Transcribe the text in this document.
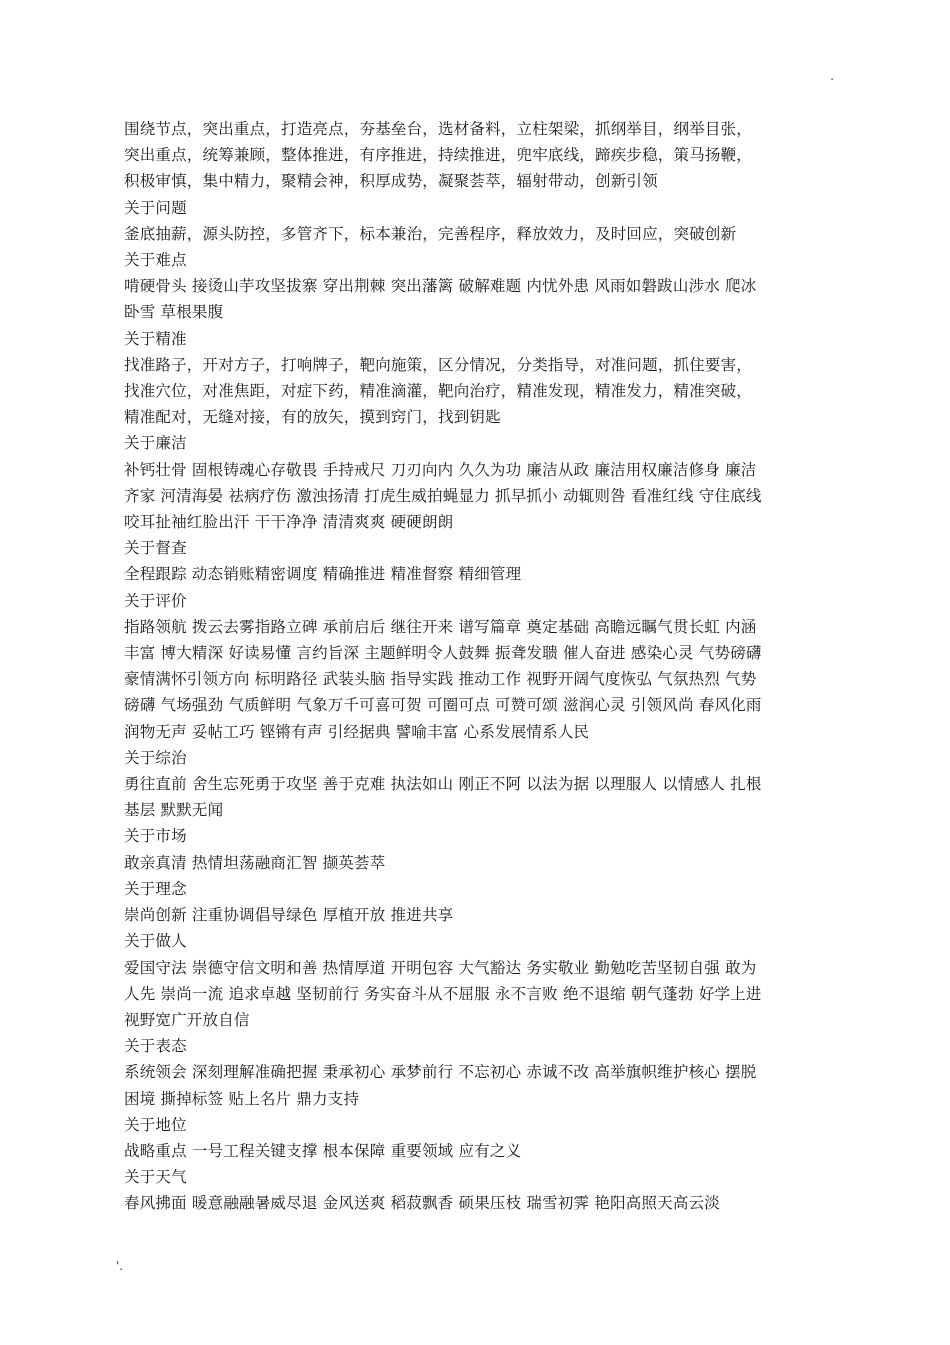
.
围绕节点，突出重点，打造亮点，夯基垒台，选材备料，立柱架梁，抓纲举目，纲举目张，
突出重点，统筹兼顾，整体推进，有序推进，持续推进，兜牢底线，蹄疾步稳，策马扬鞭，
积极审慎，集中精力，聚精会神，积厚成势，凝聚荟萃，辐射带动，创新引领
关于问题
釜底抽薪，源头防控，多管齐下，标本兼治，完善程序，释放效力，及时回应，突破创新
关于难点
啃硬骨头 接烫山芋攻坚拔寨 穿出荆棘 突出藩篱 破解难题 内忧外患 风雨如磐跋山涉水 爬冰
卧雪 草根果腹
关于精准
找准路子，开对方子，打响牌子，靶向施策，区分情况，分类指导，对准问题，抓住要害，
找准穴位，对准焦距，对症下药，精准滴灌，靶向治疗，精准发现，精准发力，精准突破，
精准配对，无缝对接，有的放矢，摸到窍门，找到钥匙
关于廉洁
补钙壮骨 固根铸魂心存敬畏 手持戒尺 刀刃向内 久久为功 廉洁从政 廉洁用权廉洁修身 廉洁
齐家 河清海晏 祛病疗伤 激浊扬清 打虎生威拍蝇显力 抓早抓小 动辄则咎 看准红线 守住底线
咬耳扯袖红脸出汗 干干净净 清清爽爽 硬硬朗朗
关于督查
全程跟踪 动态销账精密调度 精确推进 精准督察 精细管理
关于评价
指路领航 拨云去雾指路立碑 承前启后 继往开来 谱写篇章 奠定基础 高瞻远瞩气贯长虹 内涵
丰富 博大精深 好读易懂 言约旨深 主题鲜明令人鼓舞 振聋发聩 催人奋进 感染心灵 气势磅礴
豪情满怀引领方向 标明路径 武装头脑 指导实践 推动工作 视野开阔气度恢弘 气氛热烈 气势
磅礴 气场强劲 气质鲜明 气象万千可喜可贺 可圈可点 可赞可颂 滋润心灵 引领风尚 春风化雨
润物无声 妥帖工巧 铿锵有声 引经据典 譬喻丰富 心系发展情系人民
关于综治
勇往直前 舍生忘死勇于攻坚 善于克难 执法如山 刚正不阿 以法为据 以理服人 以情感人 扎根
基层 默默无闻
关于市场
敢亲真清 热情坦荡融商汇智 撷英荟萃
关于理念
崇尚创新 注重协调倡导绿色 厚植开放 推进共享
关于做人
爱国守法 崇德守信文明和善 热情厚道 开明包容 大气豁达 务实敬业 勤勉吃苦坚韧自强 敢为
人先 崇尚一流 追求卓越 坚韧前行 务实奋斗从不屈服 永不言败 绝不退缩 朝气蓬勃 好学上进
视野宽广开放自信
关于表态
系统领会 深刻理解准确把握 秉承初心 承梦前行 不忘初心 赤诚不改 高举旗帜维护核心 摆脱
困境 撕掉标签 贴上名片 鼎力支持
关于地位
战略重点 一号工程关键支撑 根本保障 重要领域 应有之义
关于天气
春风拂面 暖意融融暑威尽退 金风送爽 稻菽飘香 硕果压枝 瑞雪初霁 艳阳高照天高云淡
'.
